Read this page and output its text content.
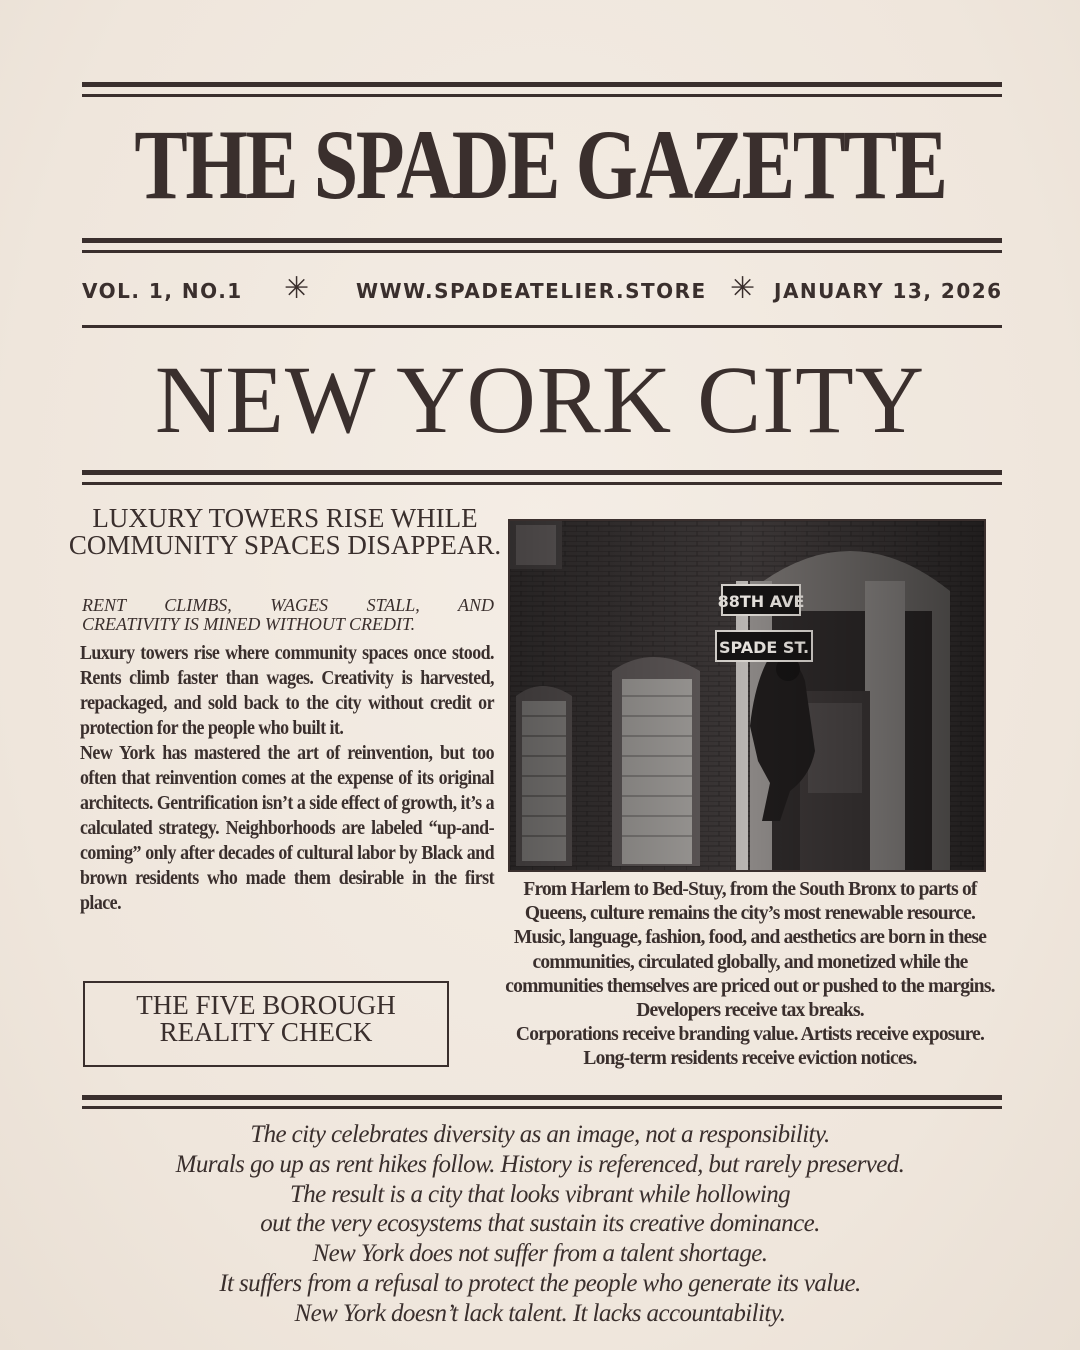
THE SPADE GAZETTE
VOL. 1, NO.1 ✳ WWW.SPADEATELIER.STORE ✳ JANUARY 13, 2026
NEW YORK CITY
LUXURY TOWERS RISE WHILE COMMUNITY SPACES DISAPPEAR.
RENT CLIMBS, WAGES STALL, AND
CREATIVITY IS MINED WITHOUT CREDIT.

Luxury towers rise where community spaces once stood. Rents climb faster than wages. Creativity is harvested, repackaged, and sold back to the city without credit or protection for the people who built it.

New York has mastered the art of reinvention, but too often that reinvention comes at the expense of its original architects. Gentrification isn’t a side effect of growth, it’s a calculated strategy. Neighborhoods are labeled “up-and-coming” only after decades of cultural labor by Black and brown residents who made them desirable in the first place.

THE FIVE BOROUGH
REALITY CHECK

From Harlem to Bed-Stuy, from the South Bronx to parts of Queens, culture remains the city’s most renewable resource. Music, language, fashion, food, and aesthetics are born in these communities, circulated globally, and monetized while the communities themselves are priced out or pushed to the margins.

Developers receive tax breaks.

Corporations receive branding value. Artists receive exposure. Long-term residents receive eviction notices.

The city celebrates diversity as an image, not a responsibility.

Murals go up as rent hikes follow. History is referenced, but rarely preserved.

The result is a city that looks vibrant while hollowing

out the very ecosystems that sustain its creative dominance.

New York does not suffer from a talent shortage.

It suffers from a refusal to protect the people who generate its value.

New York doesn’t lack talent. It lacks accountability.
